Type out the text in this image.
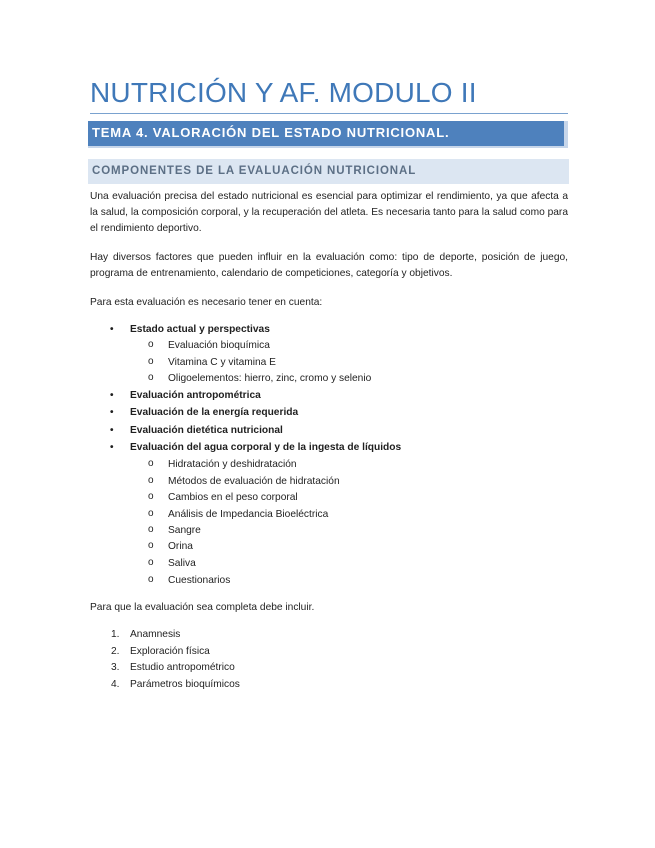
NUTRICIÓN Y AF. MODULO II
TEMA 4. VALORACIÓN DEL ESTADO NUTRICIONAL.
COMPONENTES DE LA EVALUACIÓN NUTRICIONAL

Una evaluación precisa del estado nutricional es esencial para optimizar el rendimiento, ya que afecta a la salud, la composición corporal, y la recuperación del atleta. Es necesaria tanto para la salud como para el rendimiento deportivo.

Hay diversos factores que pueden influir en la evaluación como: tipo de deporte, posición de juego, programa de entrenamiento, calendario de competiciones, categoría y objetivos.

Para esta evaluación es necesario tener en cuenta:

• Estado actual y perspectivas
o Evaluación bioquímica
o Vitamina C y vitamina E
o Oligoelementos: hierro, zinc, cromo y selenio
• Evaluación antropométrica
• Evaluación de la energía requerida
• Evaluación dietética nutricional
• Evaluación del agua corporal y de la ingesta de líquidos
o Hidratación y deshidratación
o Métodos de evaluación de hidratación
o Cambios en el peso corporal
o Análisis de Impedancia Bioeléctrica
o Sangre
o Orina
o Saliva
o Cuestionarios

Para que la evaluación sea completa debe incluir.

1. Anamnesis
2. Exploración física
3. Estudio antropométrico
4. Parámetros bioquímicos
